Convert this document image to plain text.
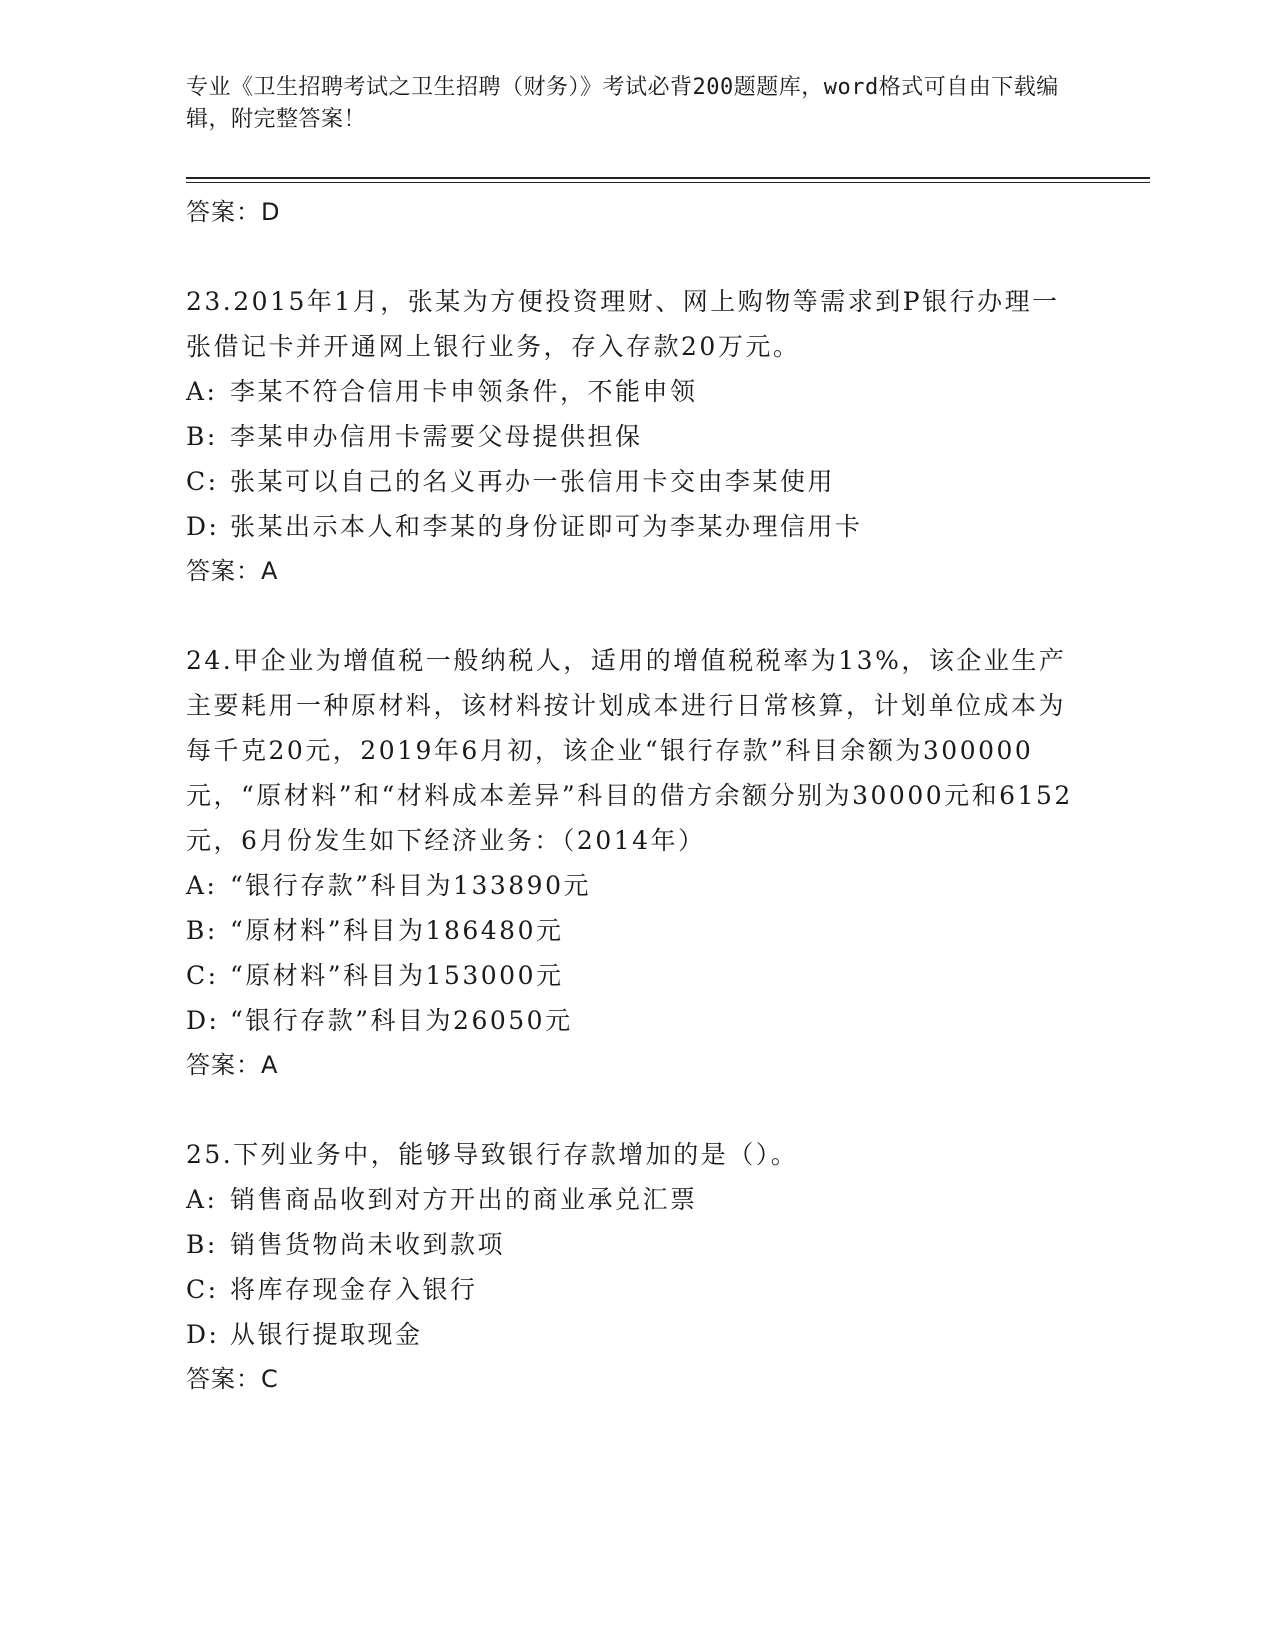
专业《卫生招聘考试之卫生招聘（财务）》考试必背200题题库，word格式可自由下载编辑，附完整答案！
答案：D
23.2015年1月，张某为方便投资理财、网上购物等需求到P银行办理一张借记卡并开通网上银行业务，存入存款20万元。
A: 李某不符合信用卡申领条件，不能申领
B: 李某申办信用卡需要父母提供担保
C: 张某可以自己的名义再办一张信用卡交由李某使用
D: 张某出示本人和李某的身份证即可为李某办理信用卡
答案：A
24.甲企业为增值税一般纳税人，适用的增值税税率为13%，该企业生产主要耗用一种原材料，该材料按计划成本进行日常核算，计划单位成本为每千克20元，2019年6月初，该企业“银行存款”科目余额为300000元，“原材料”和“材料成本差异”科目的借方余额分别为30000元和6152元，6月份发生如下经济业务：（2014年）
A: “银行存款”科目为133890元
B: “原材料”科目为186480元
C: “原材料”科目为153000元
D: “银行存款”科目为26050元
答案：A
25.下列业务中，能够导致银行存款增加的是（）。
A: 销售商品收到对方开出的商业承兑汇票
B: 销售货物尚未收到款项
C: 将库存现金存入银行
D: 从银行提取现金
答案：C
